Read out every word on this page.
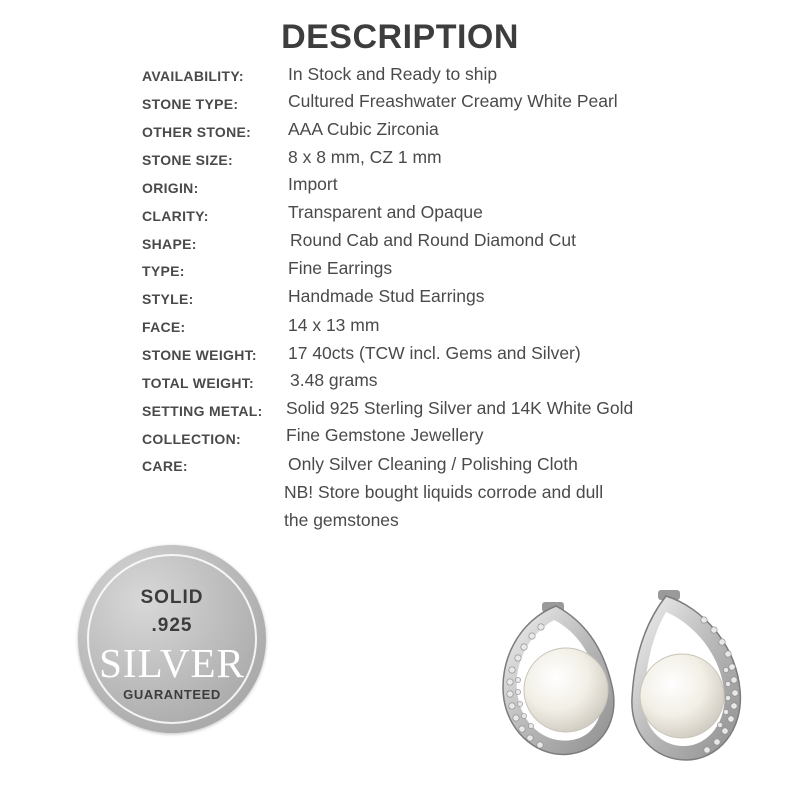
DESCRIPTION
AVAILABILITY:	In Stock and Ready to ship
STONE TYPE:	Cultured Freashwater Creamy White Pearl
OTHER STONE: AAA Cubic Zirconia
STONE SIZE:	8 x 8 mm, CZ 1 mm
ORIGIN:	Import
CLARITY:	Transparent and Opaque
SHAPE:	Round Cab and Round Diamond Cut
TYPE:	Fine Earrings
STYLE:	Handmade Stud Earrings
FACE:	14 x 13 mm
STONE WEIGHT: 17 40cts (TCW incl. Gems and Silver)
TOTAL WEIGHT: 3.48 grams
SETTING METAL: Solid 925 Sterling Silver and 14K White Gold
COLLECTION:	Fine Gemstone Jewellery
CARE:	Only Silver Cleaning / Polishing Cloth
NB! Store bought liquids corrode and dull
the gemstones
SOLID
.925
SILVER
GUARANTEED
